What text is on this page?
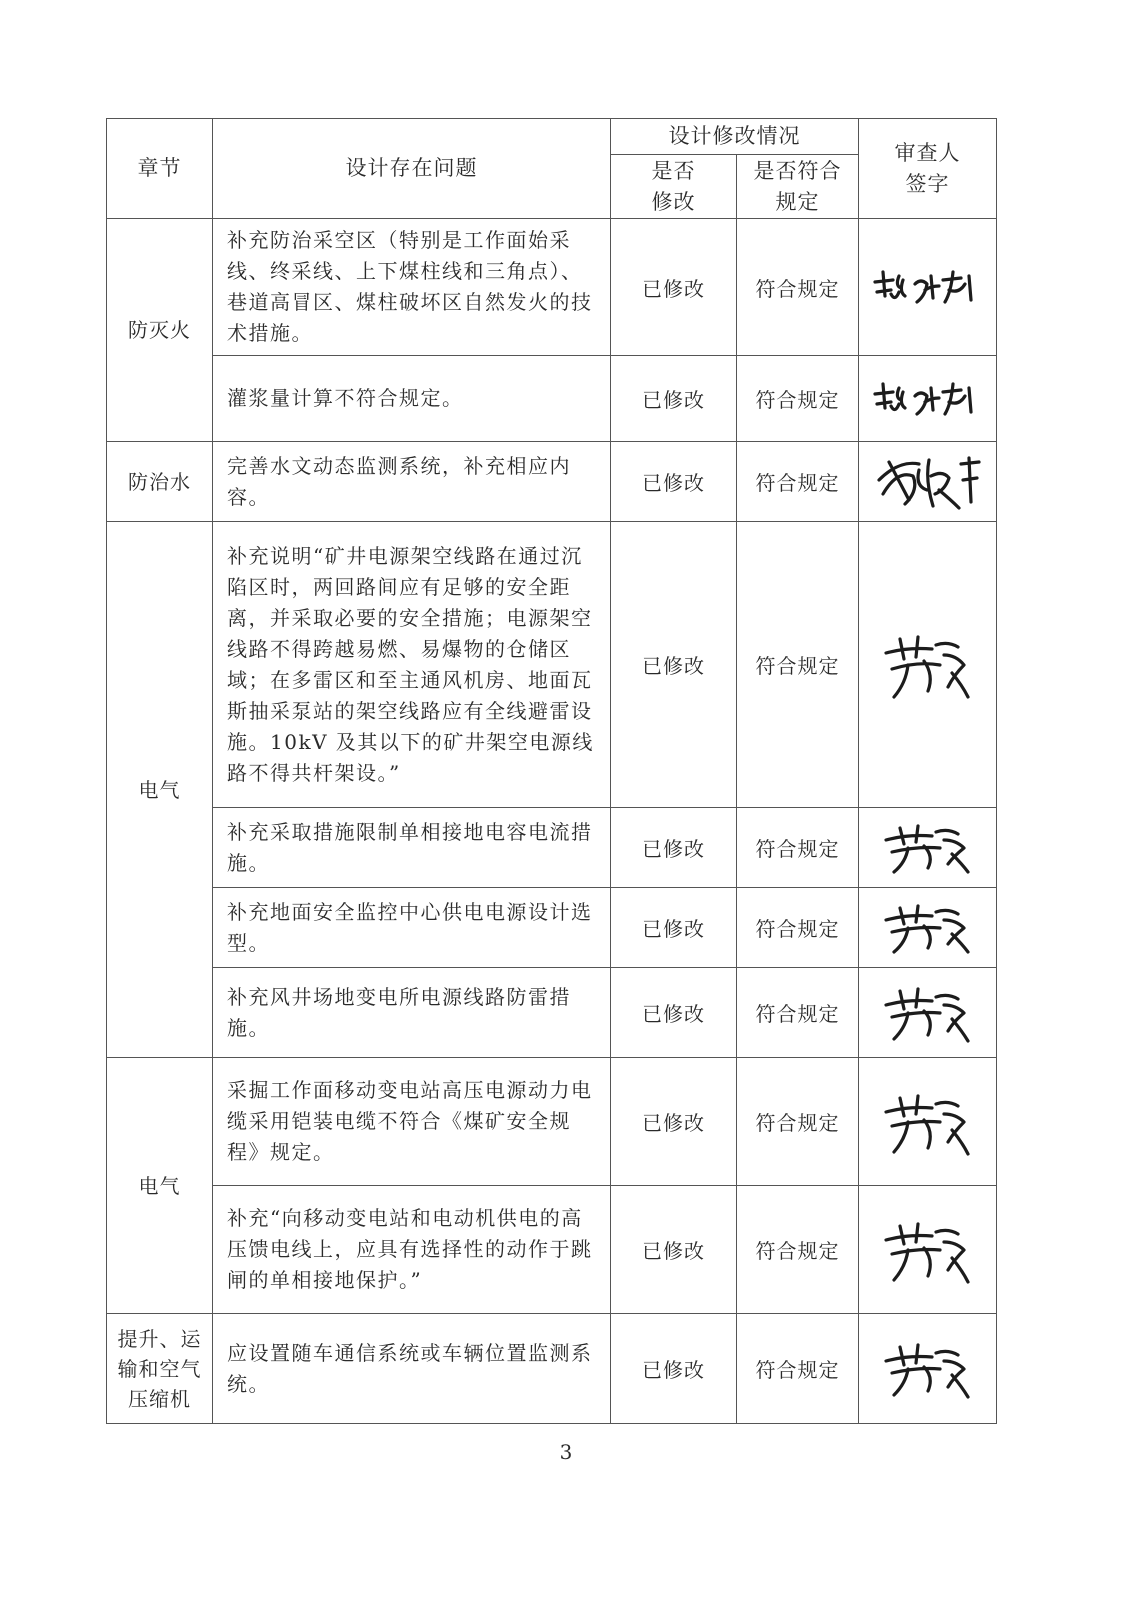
章节	设计存在问题	设计修改情况		审查人签字
		是否修改	是否符合规定	
防灭火	补充防治采空区（特别是工作面始采线、终采线、上下煤柱线和三角点）、巷道高冒区、煤柱破坏区自然发火的技术措施。	已修改	符合规定	

	灌浆量计算不符合规定。	已修改	符合规定	

防治水	完善水文动态监测系统，补充相应内容。	已修改	符合规定	

电气	补充说明“矿井电源架空线路在通过沉陷区时，两回路间应有足够的安全距离，并采取必要的安全措施；电源架空线路不得跨越易燃、易爆物的仓储区域；在多雷区和至主通风机房、地面瓦斯抽采泵站的架空线路应有全线避雷设施。10kV 及其以下的矿井架空电源线路不得共杆架设。”	已修改	符合规定	

	补充采取措施限制单相接地电容电流措施。	已修改	符合规定	

	补充地面安全监控中心供电电源设计选型。	已修改	符合规定	

	补充风井场地变电所电源线路防雷措施。	已修改	符合规定	

电气	采掘工作面移动变电站高压电源动力电缆采用铠装电缆不符合《煤矿安全规程》规定。	已修改	符合规定	

	补充“向移动变电站和电动机供电的高压馈电线上，应具有选择性的动作于跳闸的单相接地保护。”	已修改	符合规定	

提升、运输和空气压缩机	应设置随车通信系统或车辆位置监测系统。	已修改	符合规定	
3
